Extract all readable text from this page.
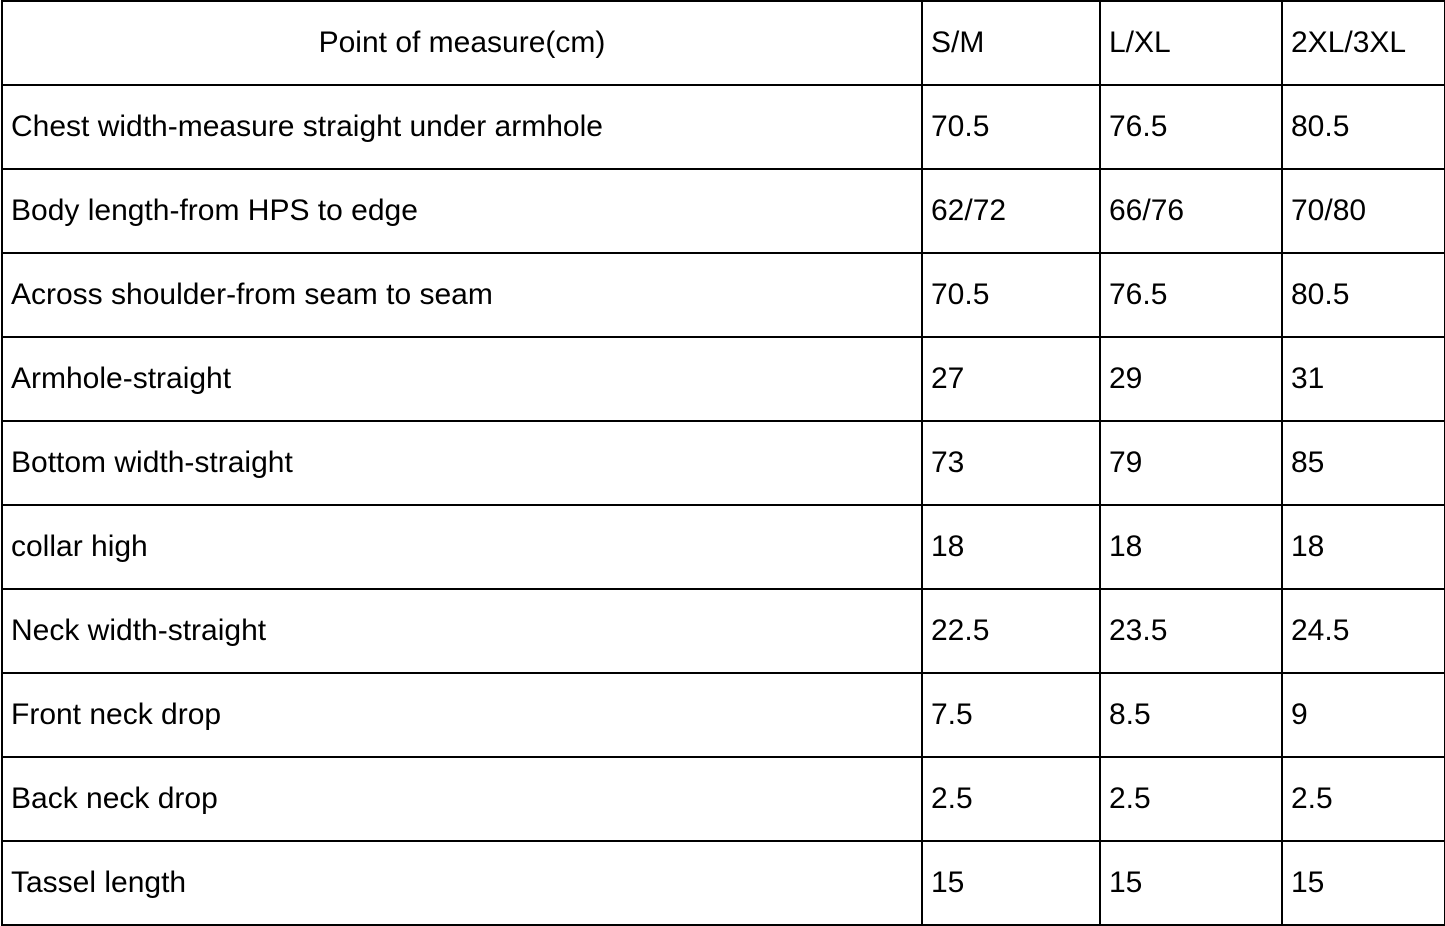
Point of measure(cm)	S/M	L/XL	2XL/3XL
Chest width-measure straight under armhole	70.5	76.5	80.5
Body length-from HPS to edge	62/72	66/76	70/80
Across shoulder-from seam to seam	70.5	76.5	80.5
Armhole-straight	27	29	31
Bottom width-straight	73	79	85
collar high	18	18	18
Neck width-straight	22.5	23.5	24.5
Front neck drop	7.5	8.5	9
Back neck drop	2.5	2.5	2.5
Tassel length	15	15	15
